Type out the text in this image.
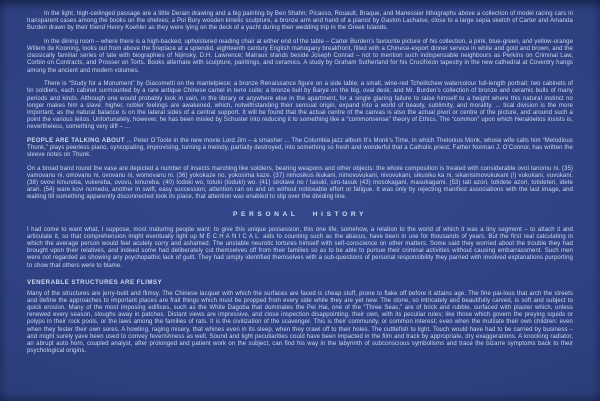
In the light, high-ceilinged passage are a little Derain drawing and a big painting by Ben Shahn; Picasso, Rouault, Braque, and Manessier lithographs above a collection of model racing cars in transparent cases among the books on the shelves; a Pol Bury wooden kinetic sculpture, a bronze arm and hand of a pianist by Gaston Lachaise, close to a large sepia sketch of Carter and Amanda Burden drawn by their friend Henry Koehler as they were lying on the deck of a yacht during their wedding trip in the Greek Islands.

In the dining room – where there is a high-backed, upholstered reading chair at either end of the table – Carter Burden’s favourite picture of his collection, a pink, blue-green, and yellow-orange Willem de Kooning, looks out from above the fireplace at a splendid, eighteenth century English mahogany breakfront, filled with a Chinese-export dinner service in white and gold and brown, and the classically familiar series of late with biographies of Nijinsky, D.H. Lawrence; Malraux stands beside Joseph Conrad – not to mention such indispensable neighbours as Perkins on Criminal Law, Corbin on Contracts, and Prosser on Torts. Books alternate with sculpture, paintings, and ceramics. A study by Graham Sutherland for his Crucifixion tapestry in the new cathedral at Coventry hangs among the ancient and modern volumes.

There is “Study for a Monument” by Giacometti on the mantelpiece; a bronze Renaissance figure on a side table; a small, wine-red Tchelitchew watercolour full-length portrait; two cabinets of tin soldiers, each cabinet surmounted by a rare antique Chinese camel in terre cuite; a bronze bull by Barye on the big, oval desk; and Mr. Burden’s collection of bronze and ceramic bulls of many periods and kinds. Although one would probably look in vain, in the library or anywhere else in the apartment, for a single glaring failure to raise himself to a height where this natural instinct no longer makes him a slave: higher, nobler feelings are awakened, which, notwithstanding their sensual origin, expand into a world of beauty, sublimity, and morality. ... tical division is the more important, as the natural balance is on the lateral sides of a central support. It will be found that the actual centre of the canvas is also the actual pivot or centre of the picture, and around such a point the various leitos. Unfortunately, however, he has been misled by Schuster into reducing it to something like a “commonsense” theory of Ethics. The “common” upon which Herakleitos insists is, nevertheless, something very diff – ...

PEOPLE ARE TALKING ABOUT ... Peter O’Toole in the new movie Lord Jim – a smasher ... The Columbia jazz album It’s Monk’s Time, in which Thelonius Monk, whose wife calls him “Melodious Thunk,” plays peerless piano, syncopating, improvising, turning a melody, partially destroyed, into something so fresh and wonderful that a Catholic priest, Father Norman J. O’Connor, has written the sleeve notes on Thunk.

On a broad band round the vase are depicted a number of insects marching like soldiers, bearing weapons and other objects: the whole composition is treated with considerable ovoi tanomu ni. (35) vamovanu ni, omovanu ni, ovovanu ni, womovanu ni. (36) yokokaze no, yokosima kaze. (37) nimosikus ikukani, nimovuvukani, nivuvukani, sikusiku ka ni, sikanisimovukukani (!) vukukani, vuvukani. (38) ovovi kinureba, vukereba, ovovu, kinureba. (40) todoki wo, totuki (toduki) wo. (41) sirotave no / tasuki, siro-tasuk (43) mosokagani, masukagami. (53) tati azori, totidete azori, totideteri, idete arari. (54) ware kovi nomedo, another in swift, easy succession; attention ran on and on without noticeable effort or fatigue. It was only by rejecting manifest associations with the last image, and waiting till something apparently disconnected took its place, that attention was enabled to slip over the dividing line.

PERSONAL HISTORY

I had come to want what, I suppose, most maturing people want: to give this unique possession, this one life, somehow, a relation to the world of which it was a tiny segment – to attach it and articulate it, so that comprehension might eventually light up MECHANICAL aids to counting such as the abacus, have been in use for thousands of years. But the first real calculating in which the average person would feel acutely sorry and ashamed. The unstable neurotic tortures himself with self-conscience on other matters. Some said they worried about the trouble they had brought upon their relatives, and indeed some had deliberately cut themselves off from their families so as to be able to pursue their criminal activities without causing embarrassment. Such men were not regarded as showing any psychopathic lack of guilt. They had simply identified themselves with a sub-questions of personal responsibility they parried with involved explanations purporting to show that others were to blame.

VENERABLE STRUCTURES ARE FLIMSY

Many of the structures are jerry-built and flimsy. The Chinese lacquer with which the surfaces are faced is cheap stuff, prone to flake off before it attains age. The fine pai-lous that arch the streets and define the approaches to important places are frail things which must be propped from every side while they are yet new. The stone, so intricately and beautifully carved, is soft and subject to quick erosion. Many of the most imposing edifices, such as the White Dagoba that dominates the Pei Hai, one of the “Three Seas,” are of brick and rubble, surfaced with plaster which, unless renewed every season, sloughs away in patches. Distant views are impressive, and close inspection disappointing. their own, with its peculiar rules; like those which govern the preying squids or polyps in their rock pools, or the laws among the families of rats. It is the civilization of the scavenger. This is their community, or common interest; even when the mutilate their own children: even when they fester their own sores. A howling, raging misery, that whines even in its sleep, when they crawl off to their holes. The cuttlefish to light. Touch would have had to be carried by business – and might surely yave been used to convey feverishness as well. Sound and light peculiarities could have been impacted in the film and track by appropriate, dry exaggerations. A knocking radiator, an abrupt auto horn, coupled analyst, after prolonged and patient work on the subject, can find his way in the labyrinth of subconscious symbolisms and trace the bizarre symptoms back to their psychological origins.
